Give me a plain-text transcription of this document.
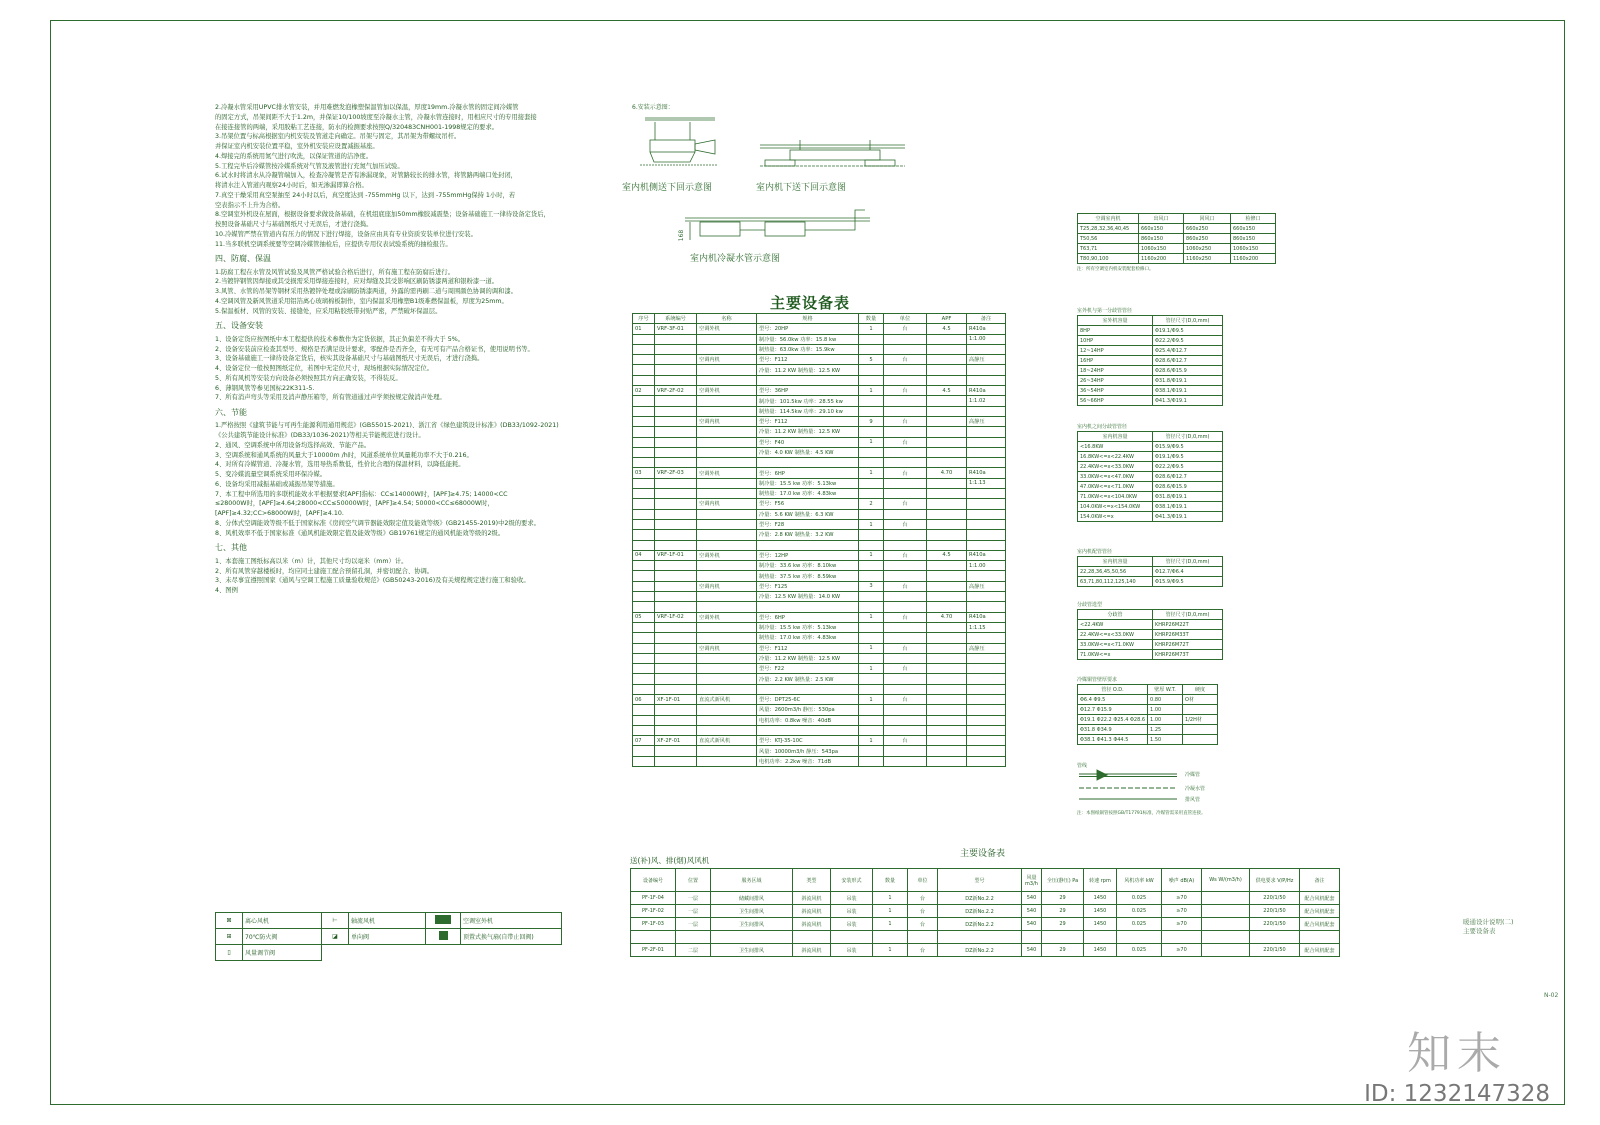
2.冷凝水管采用UPVC排水管安装，并用难燃发泡橡塑保温管加以保温，厚度19mm.冷凝水管的固定间冷媒管
的固定方式，吊架间距不大于1.2m，并保证10/100坡度至冷凝水主管，冷凝水管连接时，用相应尺寸的专用接套接
在接连接管的两端，采用胶粘工艺连接，防水的检测要求按照Q/320483CNH001-1998规定的要求。
3.吊架位置与标高根据室内机安装及管道走向确定。吊架与固定，其吊架为带螺纹吊杆。
并保证室内机安装位置平稳，室外机安装应设置减振基座。
4.焊接完的系统用氮气进行吹洗，以保证管道的洁净度。
5.工程完毕后冷媒管按冷媒系统对气管及液管进行充氮气加压试验。
6.试水时将清水从冷凝管端加入，检查冷凝管是否有渗漏现象，对管路较长的排水管，将管路两端口处封闭，
将清水注入管道内观察24小时后，如无渗漏即算合格。
7.真空干燥采用真空泵抽至 24小时以后，真空度达到 -755mmHg 以下，达到 -755mmHg保持 1小时，若
空表指示不上升为合格。
8.空调室外机设在屋面，根据设备要求做设备基础，在机组底座加50mm橡胶减震垫；设备基础施工一律待设备定货后，
按照设备基础尺寸与基础图纸尺寸无误后，才进行浇捣。
10.冷媒管严禁在管道内有压力的情况下进行焊接，设备应由具有专业资质安装单位进行安装。
11.当多联机空调系统要等空调冷媒管抽检后，应提供专用仪表试验系统的抽检报告。
四、防腐、保温
1.防腐工程在水管及风管试验及风管严格试验合格后进行，所有施工程在防腐后进行。
2.当镀锌钢管因焊接或其受损需采用焊接连接时，应对焊缝及其受影响区刷防锈漆两道和银粉漆一道。
3.风管、水管的吊架等钢材采用热镀锌处理或涂刷防锈漆两道，外露的需再刷二道与周围颜色协调的调和漆。
4.空调风管及新风管道采用铝箔离心玻璃棉板制作，室内保温采用橡塑B1级难燃保温板，厚度为25mm。
5.保温板材、风管的安装、接缝处，应采用粘胶纸带封贴严密，严禁破坏保温层。
五、设备安装
1、设备定货应按图纸中本工程提供的技术参数作为定货依据，其正负偏差不得大于 5%。
2、设备安装前应检查其型号、规格是否满足设计要求，零配件是否齐全，有无可有产品合格证书，使用说明书等。
3、设备基础施工一律待设备定货后，核实其设备基础尺寸与基础图纸尺寸无误后，才进行浇捣。
4、设备定位一般按照图纸定位，若图中无定位尺寸，现场根据实际情况定位。
5、所有风机等安装方向设备必须按照其方向正确安装，不得装反。
6、薄钢风管等参见国标22K311-5.
7、所有消声弯头等采用及消声静压箱等，所有管道通过声学须按规定做消声处理。
六、节能
1.严格按照《建筑节能与可再生能源利用通用规范》(GB55015-2021)、浙江省《绿色建筑设计标准》(DB33/1092-2021)
《公共建筑节能设计标准》(DB33/1036-2021)等相关节能规范进行设计。
2、通风、空调系统中所用设备均选择高效、节能产品。
3、空调系统和通风系统的风量大于10000m /h时，风道系统单位风量耗功率不大于0.216。
4、对所有冷媒管道、冷凝水管，选用导热系数低，性价比合理的保温材料，以降低能耗。
5、变冷媒流量空调系统采用环保冷媒。
6、设备均采用减振基础或减振吊架等措施。
7、本工程中所选用的多联机能效水平根据要求[APF]指标：CC≤14000W时，[APF]≥4.75; 14000<CC
≤28000W时，[APF]≥4.64;28000<CC≤50000W时，[APF]≥4.54; 50000<CC≤68000W时，
[APF]≥4.32;CC>68000W时，[APF]≥4.10.
8、分体式空调能效等级不低于国家标准《房间空气调节器能效限定值及能效等级》(GB21455-2019)中2级的要求。
8、风机效率不低于国家标准《通风机能效限定值及能效等级》GB19761规定的通风机能效等级的2级。
七、其他
1、本套施工图纸标高以米（m）计，其他尺寸均以毫米（mm）计。
2、所有风管穿越楼板时，均应同土建施工配合预留孔洞，并密切配合、协调。
3、未尽事宜遵照国家《通风与空调工程施工质量验收规范》(GB50243-2016)及有关规程规定进行施工和验收。
4、图例
⊠	离心风机	⊢	轴流风机		空调室外机
⊞	70℃防火阀	◪	单向阀		顶置式换气扇(自带止回阀)
▯	风量调节阀				
6.安装示意图：
室内机侧送下回示意图	室内机下送下回示意图
168
室内机冷凝水管示意图
主要设备表
序号	系统编号	名称	规格	数量	单位	APF	备注
01	VRF-3F-01	空调外机	型号：20HP	1	台	4.5	R410a
			制冷量：56.0kw 功率：15.8 kw				1:1.00
			制热量：63.0kw 功率：15.9kw				
		空调内机	型号：F112	5	台		高静压
			冷量：11.2 KW 制热量：12.5 KW				

02	VRF-2F-02	空调外机	型号：36HP	1	台	4.5	R410a
			制冷量：101.5kw 功率：28.55 kw				1:1.02
			制热量：114.5kw 功率：29.10 kw				
		空调内机	型号：F112	9	台		高静压
			冷量：11.2 KW 制热量：12.5 KW				
			型号：F40	1	台		
			冷量：4.0 KW 制热量：4.5 KW				

03	VRF-2F-03	空调外机	型号：6HP	1	台	4.70	R410a
			制冷量：15.5 kw 功率：5.13kw				1:1.13
			制热量：17.0 kw 功率：4.83kw				
		空调内机	型号：F56	2	台		
			冷量：5.6 KW 制热量：6.3 KW				
			型号：F28	1	台		
			冷量：2.8 KW 制热量：3.2 KW				

04	VRF-1F-01	空调外机	型号：12HP	1	台	4.5	R410a
			制冷量：33.6 kw 功率：8.10kw				1:1.00
			制热量：37.5 kw 功率：8.59kw				
		空调内机	型号：F125	3	台		高静压
			冷量：12.5 KW 制热量：14.0 KW				

05	VRF-1F-02	空调外机	型号：6HP	1	台	4.70	R410a
			制冷量：15.5 kw 功率：5.13kw				1:1.15
			制热量：17.0 kw 功率：4.83kw				
		空调内机	型号：F112	1	台		高静压
			冷量：11.2 KW 制热量：12.5 KW				
			型号：F22	1	台		
			冷量：2.2 KW 制热量：2.5 KW				

06	XF-1F-01	直流式新风机	型号：DPT25-6C	1	台		
			风量：2600m3/h 静压：530pa				
			电机功率：0.8kw 噪音：40dB				

07	XF-2F-01	直流式新风机	型号：KTJ-35-10C	1	台		
			风量：10000m3/h 静压：543pa				
			电机功率：2.2kw 噪音：71dB				
送(补)风、排(烟)风风机
主要设备表
设备编号	位置	服务区域	类型	安装形式	数量	单位	型号	风量 m3/h	全压(静压) Pa	转速 rpm	风机功率 kW	噪声 dB(A)	Ws W/(m3/h)	供电要求 V/P/Hz	备注
PF-1F-04	一层	储藏间排风	斜流风机	吊装	1	台	DZ新No.2.2	540	29	1450	0.025	≥70		220/1/50	配合风机配套
PF-1F-02	一层	卫生间排风	斜流风机	吊装	1	台	DZ新No.2.2	540	29	1450	0.025	≥70		220/1/50	配合风机配套
PF-1F-03	一层	卫生间排风	斜流风机	吊装	1	台	DZ新No.2.2	540	29	1450	0.025	≥70		220/1/50	配合风机配套

PF-2F-01	二层	卫生间排风	斜流风机	吊装	1	台	DZ新No.2.2	540	29	1450	0.025	≥70		220/1/50	配合风机配套
空调室内机	出风口	回风口	检修口
T25,28,32,36,40,45	660x150	660x250	660x150
T50,56	860x150	860x250	860x150
T63,71	1060x150	1060x250	1060x150
T80,90,100	1160x200	1160x250	1160x200
注：所有空调室内机安装配套检修口。
室外机与第一分歧管管径
室外机容量	管径尺寸(D,0,mm)
8HP	Φ19.1/Φ9.5
10HP	Φ22.2/Φ9.5
12~14HP	Φ25.4/Φ12.7
16HP	Φ28.6/Φ12.7
18~24HP	Φ28.6/Φ15.9
26~34HP	Φ31.8/Φ19.1
36~54HP	Φ38.1/Φ19.1
56~66HP	Φ41.3/Φ19.1
室内机之间分歧管管径
室内机容量	管径尺寸(D,0,mm)
<16.8KW	Φ15.9/Φ9.5
16.8KW<=x<22.4KW	Φ19.1/Φ9.5
22.4KW<=x<33.0KW	Φ22.2/Φ9.5
33.0KW<=x<47.0KW	Φ28.6/Φ12.7
47.0KW<=x<71.0KW	Φ28.6/Φ15.9
71.0KW<=x<104.0KW	Φ31.8/Φ19.1
104.0KW<=x<154.0KW	Φ38.1/Φ19.1
154.0KW<=x	Φ41.3/Φ19.1
室内机配管管径
室内机容量	管径尺寸(D,0,mm)
22,28,36,45,50,56	Φ12.7/Φ6.4
63,71,80,112,125,140	Φ15.9/Φ9.5
分歧管选型
分歧管	管径尺寸(D,0,mm)
<22.4KW	KHRP26M22T
22.4KW<=x<33.0KW	KHRP26M33T
33.0KW<=x<71.0KW	KHRP26M72T
71.0KW<=x	KHRP26M73T
冷媒铜管壁厚要求
管径 O.D.	壁厚 W.T.	硬度
Φ6.4 Φ9.5	0.80	O材
Φ12.7 Φ15.9	1.00	
Φ19.1 Φ22.2 Φ25.4 Φ28.6	1.00	1/2H材
Φ31.8 Φ34.9	1.25	
Φ38.1 Φ41.3 Φ44.5	1.50	
管线
冷媒管
冷凝水管
排风管
注：本图纸铜管按照GB/T17791标准，冷媒管需采用直管连接。
暖通设计说明(二)
主要设备表
N-02
知末
ID: 1232147328
